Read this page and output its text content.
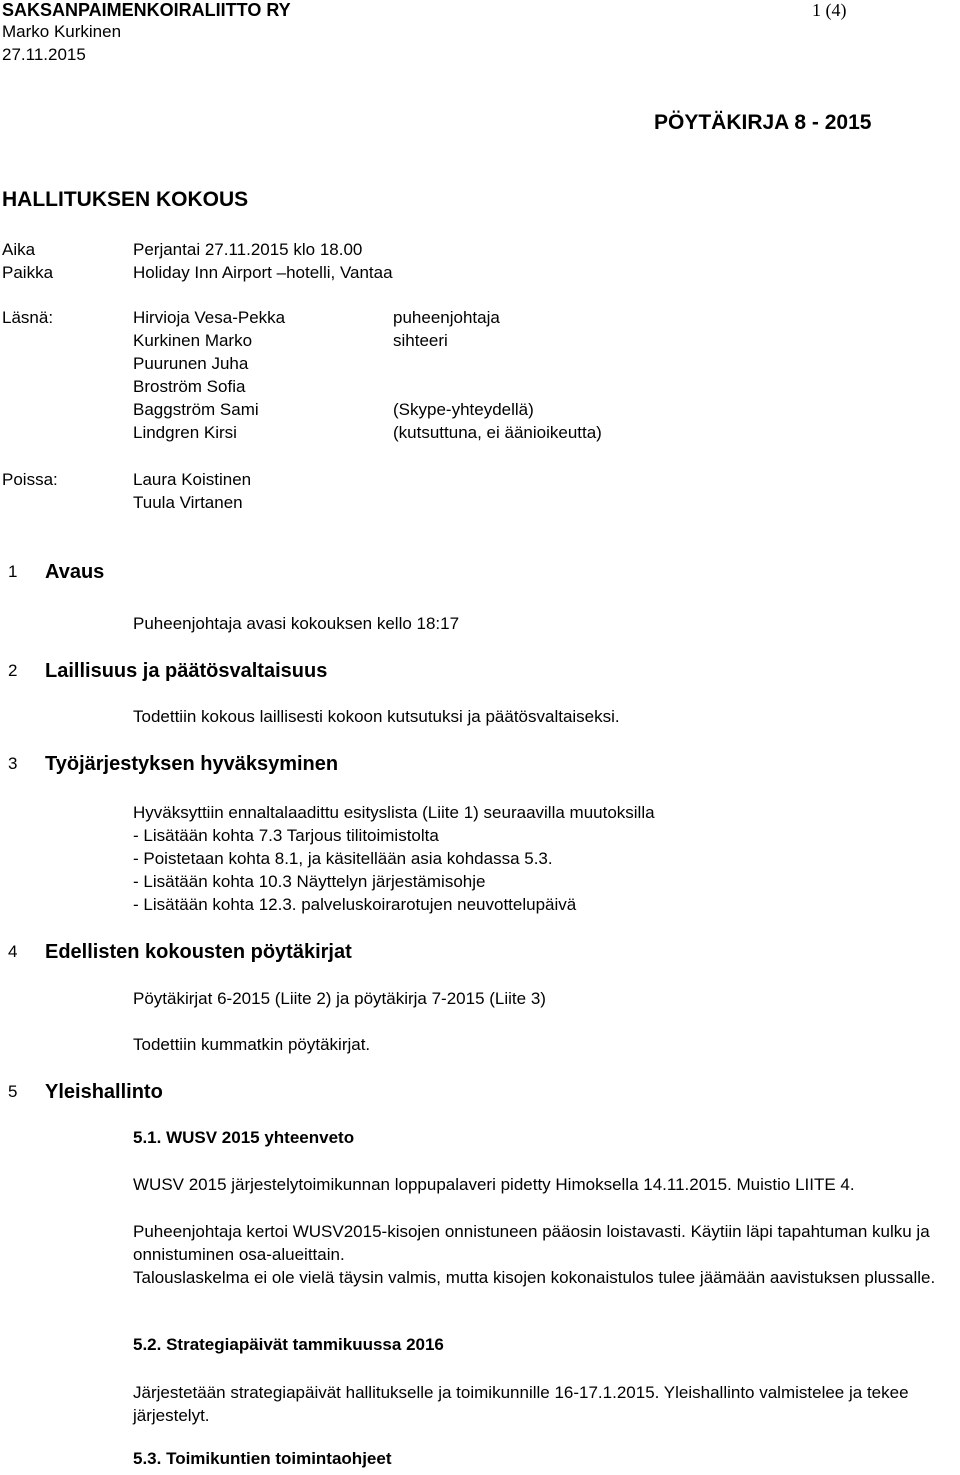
SAKSANPAIMENKOIRALIITTO RY	1 (4)
Marko Kurkinen
27.11.2015
PÖYTÄKIRJA 8 - 2015
HALLITUKSEN KOKOUS
Aika	Perjantai 27.11.2015 klo 18.00
Paikka	Holiday Inn Airport –hotelli, Vantaa
Läsnä:	Hirvioja Vesa-Pekka	puheenjohtaja
Kurkinen Marko	sihteeri
Puurunen Juha
Broström Sofia
Baggström Sami	(Skype-yhteydellä)
Lindgren Kirsi	(kutsuttuna, ei äänioikeutta)
Poissa:	Laura Koistinen
Tuula Virtanen
1 Avaus
Puheenjohtaja avasi kokouksen kello 18:17
2 Laillisuus ja päätösvaltaisuus
Todettiin kokous laillisesti kokoon kutsutuksi ja päätösvaltaiseksi.
3 Työjärjestyksen hyväksyminen
Hyväksyttiin ennaltalaadittu esityslista (Liite 1) seuraavilla muutoksilla
- Lisätään kohta 7.3 Tarjous tilitoimistolta
- Poistetaan kohta 8.1, ja käsitellään asia kohdassa 5.3.
- Lisätään kohta 10.3 Näyttelyn järjestämisohje
- Lisätään kohta 12.3. palveluskoirarotujen neuvottelupäivä
4 Edellisten kokousten pöytäkirjat
Pöytäkirjat 6-2015 (Liite 2) ja pöytäkirja 7-2015 (Liite 3)
Todettiin kummatkin pöytäkirjat.
5 Yleishallinto
5.1. WUSV 2015 yhteenveto
WUSV 2015 järjestelytoimikunnan loppupalaveri pidetty Himoksella 14.11.2015. Muistio LIITE 4.
Puheenjohtaja kertoi WUSV2015-kisojen onnistuneen pääosin loistavasti. Käytiin läpi tapahtuman kulku ja onnistuminen osa-alueittain.
Talouslaskelma ei ole vielä täysin valmis, mutta kisojen kokonaistulos tulee jäämään aavistuksen plussalle.
5.2. Strategiapäivät tammikuussa 2016
Järjestetään strategiapäivät hallitukselle ja toimikunnille 16-17.1.2015. Yleishallinto valmistelee ja tekee järjestelyt.
5.3. Toimikuntien toimintaohjeet
